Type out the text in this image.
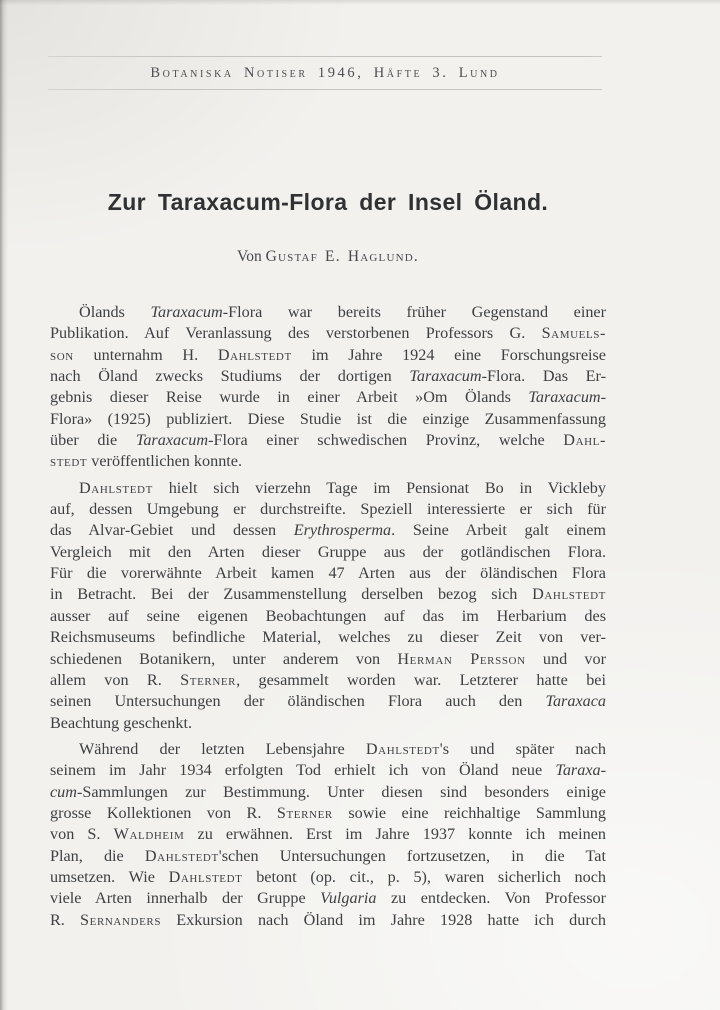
Botaniska Notiser 1946, Häfte 3. Lund
Zur Taraxacum-Flora der Insel Öland.
Von Gustaf E. Haglund.
Ölands Taraxacum-Flora war bereits früher Gegenstand einer
Publikation. Auf Veranlassung des verstorbenen Professors G. Samuels-
son unternahm H. Dahlstedt im Jahre 1924 eine Forschungsreise
nach Öland zwecks Studiums der dortigen Taraxacum-Flora. Das Er-
gebnis dieser Reise wurde in einer Arbeit »Om Ölands Taraxacum-
Flora» (1925) publiziert. Diese Studie ist die einzige Zusammenfassung
über die Taraxacum-Flora einer schwedischen Provinz, welche Dahl-
stedt veröffentlichen konnte.
Dahlstedt hielt sich vierzehn Tage im Pensionat Bo in Vickleby
auf, dessen Umgebung er durchstreifte. Speziell interessierte er sich für
das Alvar-Gebiet und dessen Erythrosperma. Seine Arbeit galt einem
Vergleich mit den Arten dieser Gruppe aus der gotländischen Flora.
Für die vorerwähnte Arbeit kamen 47 Arten aus der öländischen Flora
in Betracht. Bei der Zusammenstellung derselben bezog sich Dahlstedt
ausser auf seine eigenen Beobachtungen auf das im Herbarium des
Reichsmuseums befindliche Material, welches zu dieser Zeit von ver-
schiedenen Botanikern, unter anderem von Herman Persson und vor
allem von R. Sterner, gesammelt worden war. Letzterer hatte bei
seinen Untersuchungen der öländischen Flora auch den Taraxaca
Beachtung geschenkt.
Während der letzten Lebensjahre Dahlstedt's und später nach
seinem im Jahr 1934 erfolgten Tod erhielt ich von Öland neue Taraxa-
cum-Sammlungen zur Bestimmung. Unter diesen sind besonders einige
grosse Kollektionen von R. Sterner sowie eine reichhaltige Sammlung
von S. Waldheim zu erwähnen. Erst im Jahre 1937 konnte ich meinen
Plan, die Dahlstedt'schen Untersuchungen fortzusetzen, in die Tat
umsetzen. Wie Dahlstedt betont (op. cit., p. 5), waren sicherlich noch
viele Arten innerhalb der Gruppe Vulgaria zu entdecken. Von Professor
R. Sernanders Exkursion nach Öland im Jahre 1928 hatte ich durch
